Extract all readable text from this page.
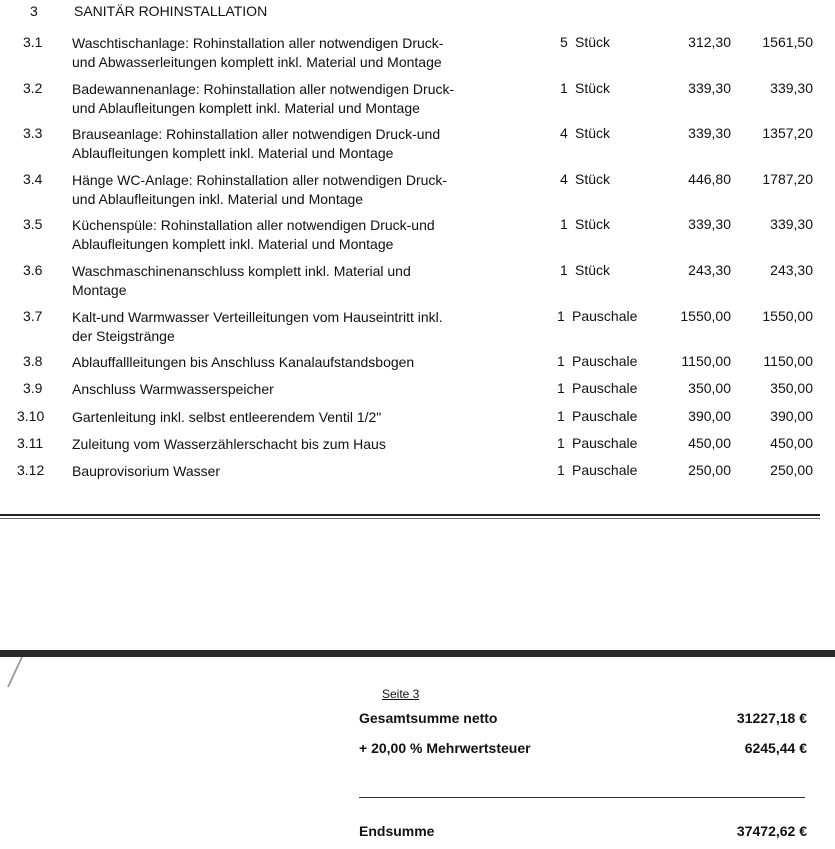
3	SANITÄR ROHINSTALLATION
3.1 Waschtischanlage: Rohinstallation aller notwendigen Druck-
und Abwasserleitungen komplett inkl. Material und Montage
5 Stück	312,30 1561,50
3.2 Badewannenanlage: Rohinstallation aller notwendigen Druck-
und Ablaufleitungen komplett inkl. Material und Montage
1 Stück	339,30	339,30
3.3 Brauseanlage: Rohinstallation aller notwendigen Druck-und
Ablaufleitungen komplett inkl. Material und Montage
4 Stück	339,30 1357,20
3.4 Hänge WC-Anlage: Rohinstallation aller notwendigen Druck-
und Ablaufleitungen inkl. Material und Montage
4 Stück	446,80 1787,20
3.5 Küchenspüle: Rohinstallation aller notwendigen Druck-und
Ablaufleitungen komplett inkl. Material und Montage
1 Stück	339,30	339,30
3.6 Waschmaschinenanschluss komplett inkl. Material und
Montage
1 Stück	243,30	243,30
3.7 Kalt-und Warmwasser Verteilleitungen vom Hauseintritt inkl.
der Steigstränge
1 Pauschale	1550,00 1550,00
3.8 Ablauffallleitungen bis Anschluss Kanalaufstandsbogen	1 Pauschale	1150,00 1150,00
3.9 Anschluss Warmwasserspeicher	1 Pauschale	350,00	350,00
3.10 Gartenleitung inkl. selbst entleerendem Ventil 1/2"	1 Pauschale	390,00	390,00
3.11 Zuleitung vom Wasserzählerschacht bis zum Haus	1 Pauschale	450,00	450,00
3.12 Bauprovisorium Wasser	1 Pauschale	250,00	250,00
Seite 3
Gesamtsumme netto	31227,18 €
+ 20,00 % Mehrwertsteuer	6245,44 €
Endsumme	37472,62 €
